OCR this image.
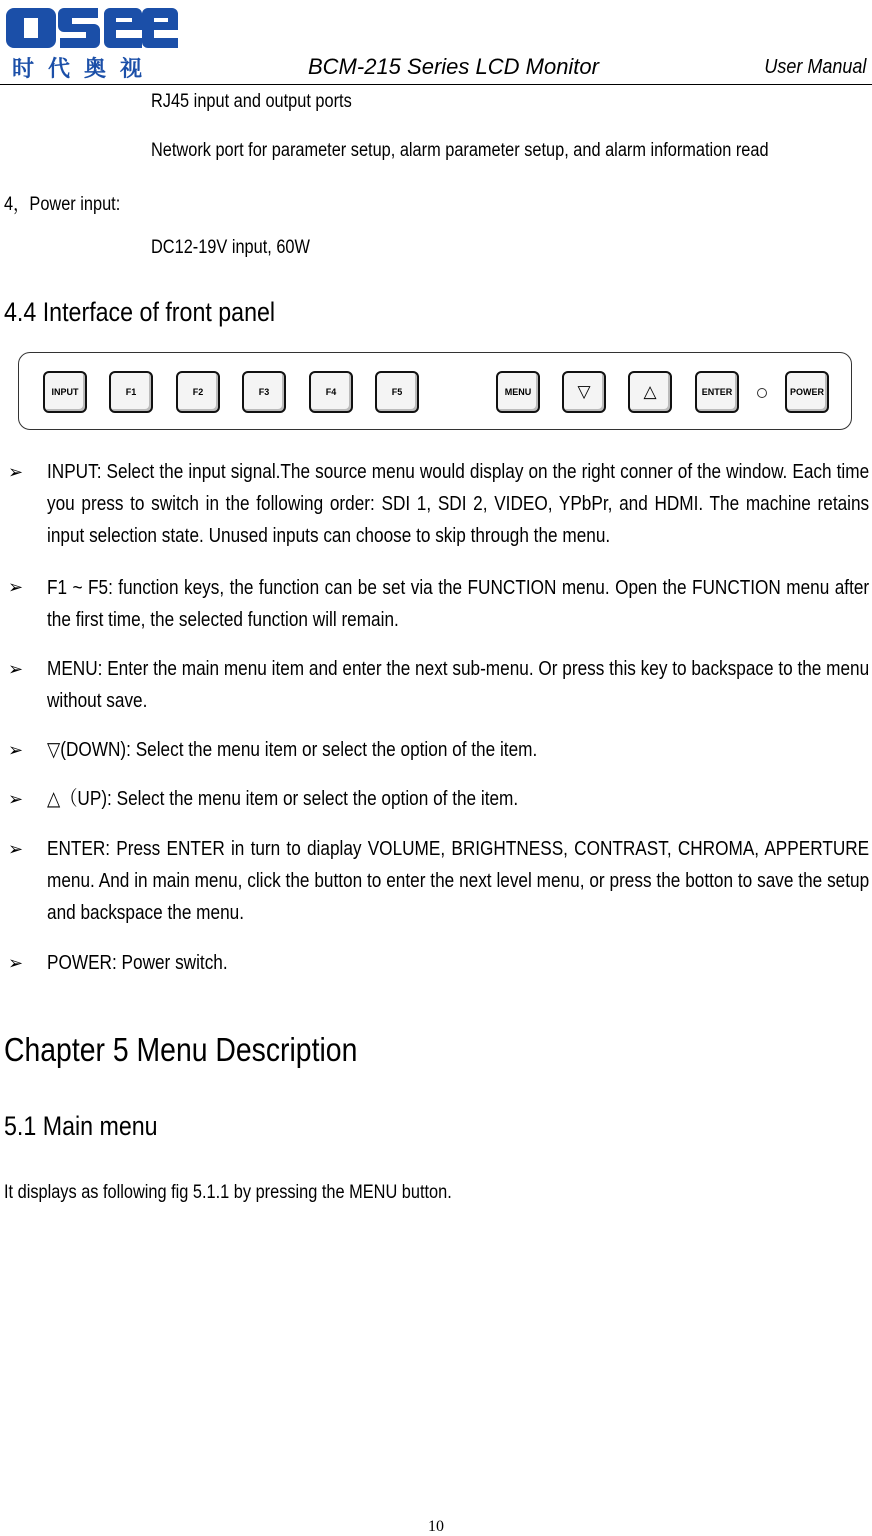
时代奥视	BCM-215 Series LCD Monitor	User Manual
RJ45 input and output ports
Network port for parameter setup, alarm parameter setup, and alarm information read
4，Power input:
DC12-19V input, 60W
4.4 Interface of front panel
INPUT	F1	F2	F3	F4	F5	MENU	▽	△	ENTER	POWER
➢ INPUT: Select the input signal.The source menu would display on the right conner of the window. Each time you press to switch in the following order: SDI 1, SDI 2, VIDEO, YPbPr, and HDMI. The machine retains input selection state. Unused inputs can choose to skip through the menu.
➢ F1 ~ F5: function keys, the function can be set via the FUNCTION menu. Open the FUNCTION menu after the first time, the selected function will remain.
➢ MENU: Enter the main menu item and enter the next sub-menu. Or press this key to backspace to the menu without save.
➢ ▽(DOWN): Select the menu item or select the option of the item.
➢ △（UP): Select the menu item or select the option of the item.
➢ ENTER: Press ENTER in turn to diaplay VOLUME, BRIGHTNESS, CONTRAST, CHROMA, APPERTURE menu. And in main menu, click the button to enter the next level menu, or press the botton to save the setup and backspace the menu.
➢ POWER: Power switch.
Chapter 5 Menu Description
5.1 Main menu
It displays as following fig 5.1.1 by pressing the MENU button.
10
